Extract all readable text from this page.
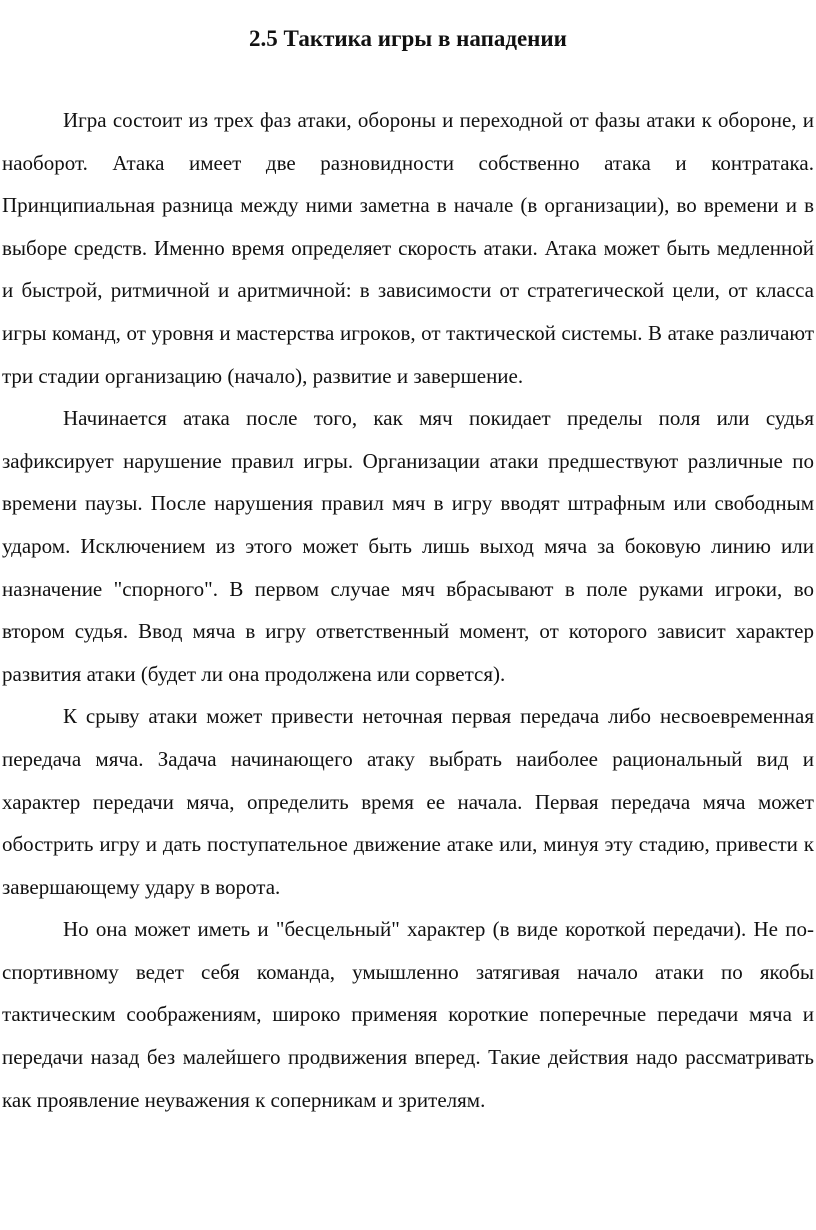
2.5 Тактика игры в нападении

Игра состоит из трех фаз атаки, обороны и переходной от фазы атаки к обороне, и наоборот. Атака имеет две разновидности собственно атака и контратака. Принципиальная разница между ними заметна в начале (в организации), во времени и в выборе средств. Именно время определяет скорость атаки. Атака может быть медленной и быстрой, ритмичной и аритмичной: в зависимости от стратегической цели, от класса игры команд, от уровня и мастерства игроков, от тактической системы. В атаке различают три стадии организацию (начало), развитие и завершение.

Начинается атака после того, как мяч покидает пределы поля или судья зафиксирует нарушение правил игры. Организации атаки предшествуют различные по времени паузы. После нарушения правил мяч в игру вводят штрафным или свободным ударом. Исключением из этого может быть лишь выход мяча за боковую линию или назначение "спорного". В первом случае мяч вбрасывают в поле руками игроки, во втором судья. Ввод мяча в игру ответственный момент, от которого зависит характер развития атаки (будет ли она продолжена или сорвется).

К срыву атаки может привести неточная первая передача либо несвоевременная передача мяча. Задача начинающего атаку выбрать наиболее рациональный вид и характер передачи мяча, определить время ее начала. Первая передача мяча может обострить игру и дать поступательное движение атаке или, минуя эту стадию, привести к завершающему удару в ворота.

Но она может иметь и "бесцельный" характер (в виде короткой передачи). Не по-спортивному ведет себя команда, умышленно затягивая начало атаки по якобы тактическим соображениям, широко применяя короткие поперечные передачи мяча и передачи назад без малейшего продвижения вперед. Такие действия надо рассматривать как проявление неуважения к соперникам и зрителям.
